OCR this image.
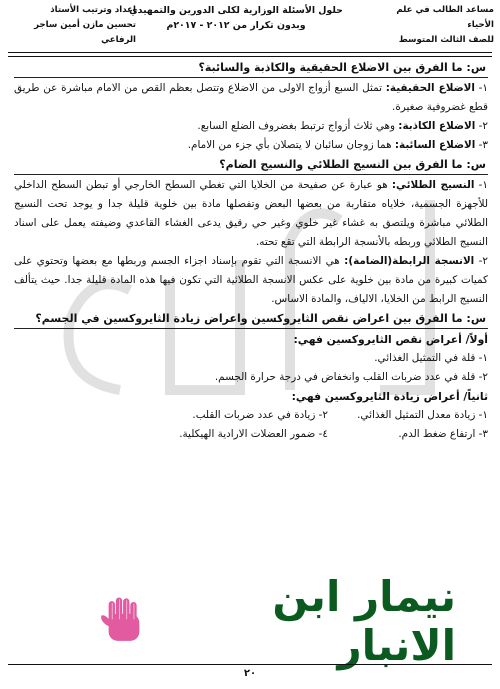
مساعد الطالب في علم الأحياء
للصف الثالث المتوسط
حلول الأسئلة الوزارية لكلى الدورين والتمهيدي
وبدون تكرار من ٢٠١٢ - ٢٠١٧م
إعداد وترتيب الأستاذ
تحسين مازن أمين ساجر الرفاعي
س: ما الفرق بين الاضلاع الحقيقية والكاذبة والسائبة؟
١- الاضلاع الحقيقية: تمثل السبع أزواج الاولى من الاضلاع وتتصل بعظم القص من الامام مباشرة عن طريق قطع غضروفية صغيرة.
٢- الاضلاع الكاذبة: وهي ثلاث أزواج ترتبط بغضروف الضلع السابع.
٣- الاضلاع السائبة: هما زوجان سائبان لا يتصلان بأي جزء من الامام.
س: ما الفرق بين النسيج الطلائي والنسيج الضام؟
١- النسيج الطلائي: هو عبارة عن صفيحة من الخلايا التي تغطي السطح الخارجي أو تبطن السطح الداخلي للأجهزة الجسمية، خلاياه متقاربة من بعضها البعض وتفصلها مادة بين خلوية قليلة جدا و يوجد تحت النسيج الطلائي مباشرة ويلتصق به غشاء غير خلوي وغير حي رقيق يدعى الغشاء القاعدي وضيفته يعمل على اسناد النسيج الطلائي وربطه بالأنسجة الرابطة التي تقع تحته.
٢- الانسجة الرابطة(الضامة): هي الانسجة التي تقوم بإسناد اجزاء الجسم وربطها مع بعضها وتحتوي على كميات كبيرة من مادة بين خلوية على عكس الانسجة الطلائية التي تكون فيها هذه المادة قليلة جدا. حيث يتألف النسيج الرابط من الخلايا، الالياف، والمادة الاساس.
س: ما الفرق بين اعراض نقص الثايروكسين واعراض زيادة الثايروكسين في الجسم؟
أولاً/ أعراض نقص الثايروكسين فهي:
١- قلة في التمثيل الغذائي.
٢- قلة في عدد ضربات القلب وانخفاض في درجة حرارة الجسم.
ثانياً/ أعراض زيادة الثايروكسين فهي:
١- زيادة معدل التمثيل الغذائي.
٢- زيادة في عدد ضربات القلب.
٣- ارتفاع ضغط الدم.
٤- ضمور العضلات الارادية الهيكلية.
نيمار ابن الانبار
٢٠
